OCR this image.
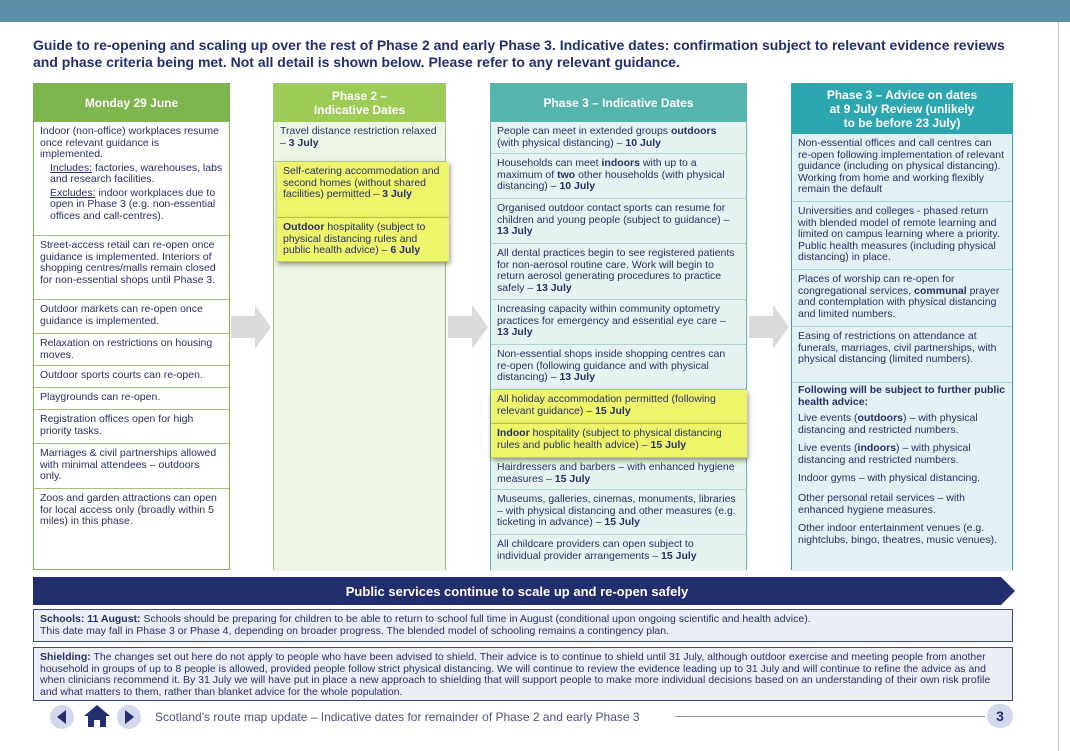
Guide to re-opening and scaling up over the rest of Phase 2 and early Phase 3. Indicative dates: confirmation subject to relevant evidence reviews
and phase criteria being met. Not all detail is shown below. Please refer to any relevant guidance.
Monday 29 June
Indoor (non-office) workplaces resume once relevant guidance is implemented.
Includes: factories, warehouses, labs and research facilities.
Excludes: indoor workplaces due to open in Phase 3 (e.g. non-essential offices and call-centres).
Street-access retail can re-open once guidance is implemented. Interiors of shopping centres/malls remain closed for non-essential shops until Phase 3.
Outdoor markets can re-open once guidance is implemented.
Relaxation on restrictions on housing moves.
Outdoor sports courts can re-open.
Playgrounds can re-open.
Registration offices open for high priority tasks.
Marriages & civil partnerships allowed with minimal attendees – outdoors only.
Zoos and garden attractions can open for local access only (broadly within 5 miles) in this phase.
Phase 2 –
Indicative Dates
Travel distance restriction relaxed – 3 July
Self-catering accommodation and second homes (without shared facilities) permitted – 3 July
Outdoor hospitality (subject to physical distancing rules and public health advice) – 6 July
Phase 3 – Indicative Dates
People can meet in extended groups outdoors (with physical distancing) – 10 July
Households can meet indoors with up to a maximum of two other households (with physical distancing) – 10 July
Organised outdoor contact sports can resume for children and young people (subject to guidance) – 13 July
All dental practices begin to see registered patients for non-aerosol routine care. Work will begin to return aerosol generating procedures to practice safely – 13 July
Increasing capacity within community optometry practices for emergency and essential eye care – 13 July
Non-essential shops inside shopping centres can re-open (following guidance and with physical distancing) – 13 July
All holiday accommodation permitted (following relevant guidance) – 15 July
Indoor hospitality (subject to physical distancing rules and public health advice) – 15 July
Hairdressers and barbers – with enhanced hygiene measures – 15 July
Museums, galleries, cinemas, monuments, libraries – with physical distancing and other measures (e.g. ticketing in advance) – 15 July
All childcare providers can open subject to individual provider arrangements – 15 July
Phase 3 – Advice on dates
at 9 July Review (unlikely
to be before 23 July)
Non-essential offices and call centres can re-open following implementation of relevant guidance (including on physical distancing). Working from home and working flexibly remain the default
Universities and colleges - phased return with blended model of remote learning and limited on campus learning where a priority. Public health measures (including physical distancing) in place.
Places of worship can re-open for congregational services, communal prayer and contemplation with physical distancing and limited numbers.
Easing of restrictions on attendance at funerals, marriages, civil partnerships, with physical distancing (limited numbers).
Following will be subject to further public health advice:
Live events (outdoors) – with physical distancing and restricted numbers.
Live events (indoors) – with physical distancing and restricted numbers.
Indoor gyms – with physical distancing.
Other personal retail services – with enhanced hygiene measures.
Other indoor entertainment venues (e.g. nightclubs, bingo, theatres, music venues).
Public services continue to scale up and re-open safely
Schools: 11 August: Schools should be preparing for children to be able to return to school full time in August (conditional upon ongoing scientific and health advice).
This date may fall in Phase 3 or Phase 4, depending on broader progress. The blended model of schooling remains a contingency plan.
Shielding: The changes set out here do not apply to people who have been advised to shield. Their advice is to continue to shield until 31 July, although outdoor exercise and meeting people from another household in groups of up to 8 people is allowed, provided people follow strict physical distancing. We will continue to review the evidence leading up to 31 July and will continue to refine the advice as and when clinicians recommend it. By 31 July we will have put in place a new approach to shielding that will support people to make more individual decisions based on an understanding of their own risk profile and what matters to them, rather than blanket advice for the whole population.
Scotland's route map update – Indicative dates for remainder of Phase 2 and early Phase 3	3
